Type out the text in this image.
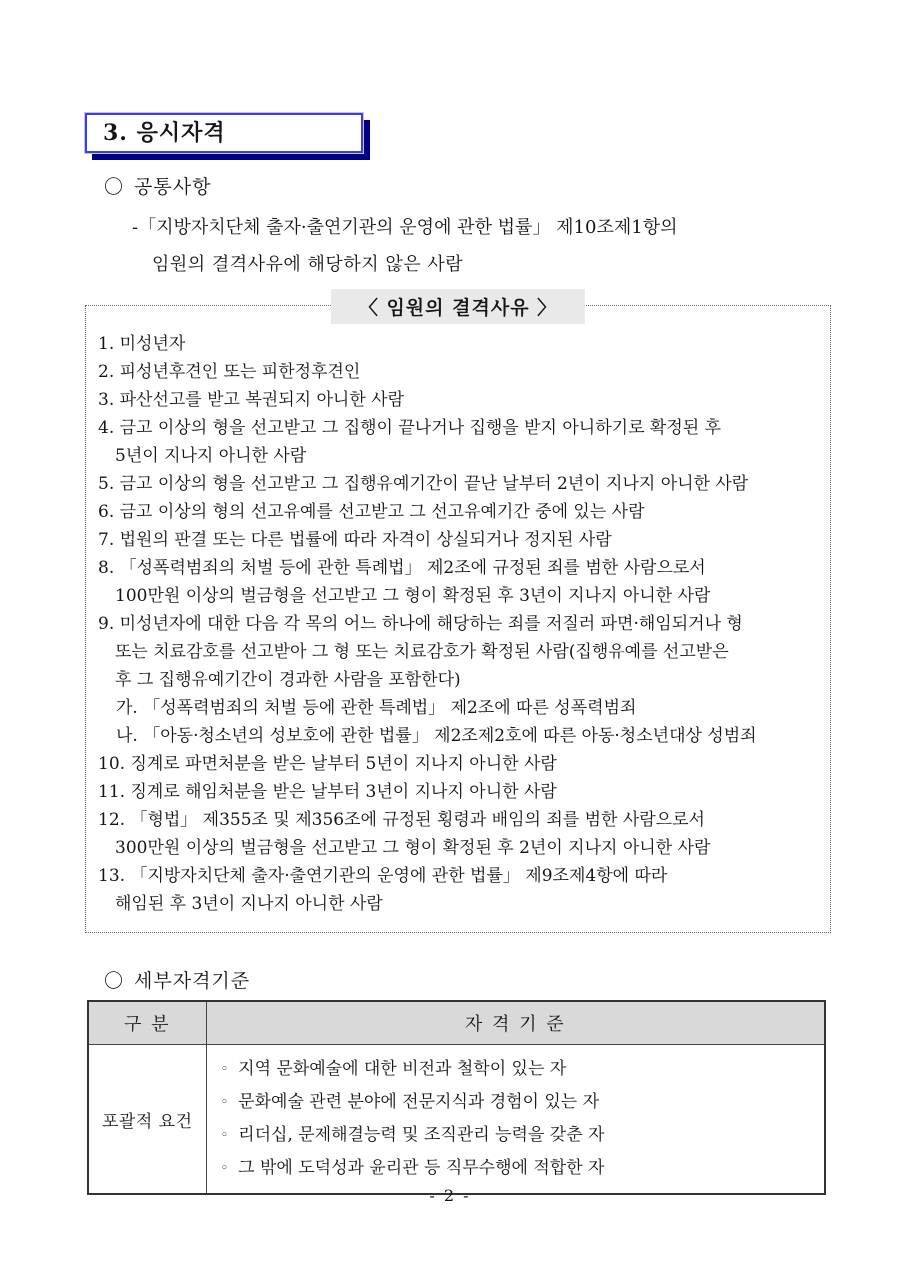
3. 응시자격
〇 공통사항
-「지방자치단체 출자·출연기관의 운영에 관한 법률」 제10조제1항의
임원의 결격사유에 해당하지 않은 사람
〈 임원의 결격사유 〉
1. 미성년자
2. 피성년후견인 또는 피한정후견인
3. 파산선고를 받고 복권되지 아니한 사람
4. 금고 이상의 형을 선고받고 그 집행이 끝나거나 집행을 받지 아니하기로 확정된 후
5년이 지나지 아니한 사람
5. 금고 이상의 형을 선고받고 그 집행유예기간이 끝난 날부터 2년이 지나지 아니한 사람
6. 금고 이상의 형의 선고유예를 선고받고 그 선고유예기간 중에 있는 사람
7. 법원의 판결 또는 다른 법률에 따라 자격이 상실되거나 정지된 사람
8. 「성폭력범죄의 처벌 등에 관한 특례법」 제2조에 규정된 죄를 범한 사람으로서
100만원 이상의 벌금형을 선고받고 그 형이 확정된 후 3년이 지나지 아니한 사람
9. 미성년자에 대한 다음 각 목의 어느 하나에 해당하는 죄를 저질러 파면·해임되거나 형
또는 치료감호를 선고받아 그 형 또는 치료감호가 확정된 사람(집행유예를 선고받은
후 그 집행유예기간이 경과한 사람을 포함한다)
가. 「성폭력범죄의 처벌 등에 관한 특례법」 제2조에 따른 성폭력범죄
나. 「아동·청소년의 성보호에 관한 법률」 제2조제2호에 따른 아동·청소년대상 성범죄
10. 징계로 파면처분을 받은 날부터 5년이 지나지 아니한 사람
11. 징계로 해임처분을 받은 날부터 3년이 지나지 아니한 사람
12. 「형법」 제355조 및 제356조에 규정된 횡령과 배임의 죄를 범한 사람으로서
300만원 이상의 벌금형을 선고받고 그 형이 확정된 후 2년이 지나지 아니한 사람
13. 「지방자치단체 출자·출연기관의 운영에 관한 법률」 제9조제4항에 따라
해임된 후 3년이 지나지 아니한 사람
〇 세부자격기준
구 분	자 격 기 준
포괄적 요건	◦ 지역 문화예술에 대한 비전과 철학이 있는 자
◦ 문화예술 관련 분야에 전문지식과 경험이 있는 자
◦ 리더십, 문제해결능력 및 조직관리 능력을 갖춘 자
◦ 그 밖에 도덕성과 윤리관 등 직무수행에 적합한 자
- 2 -
